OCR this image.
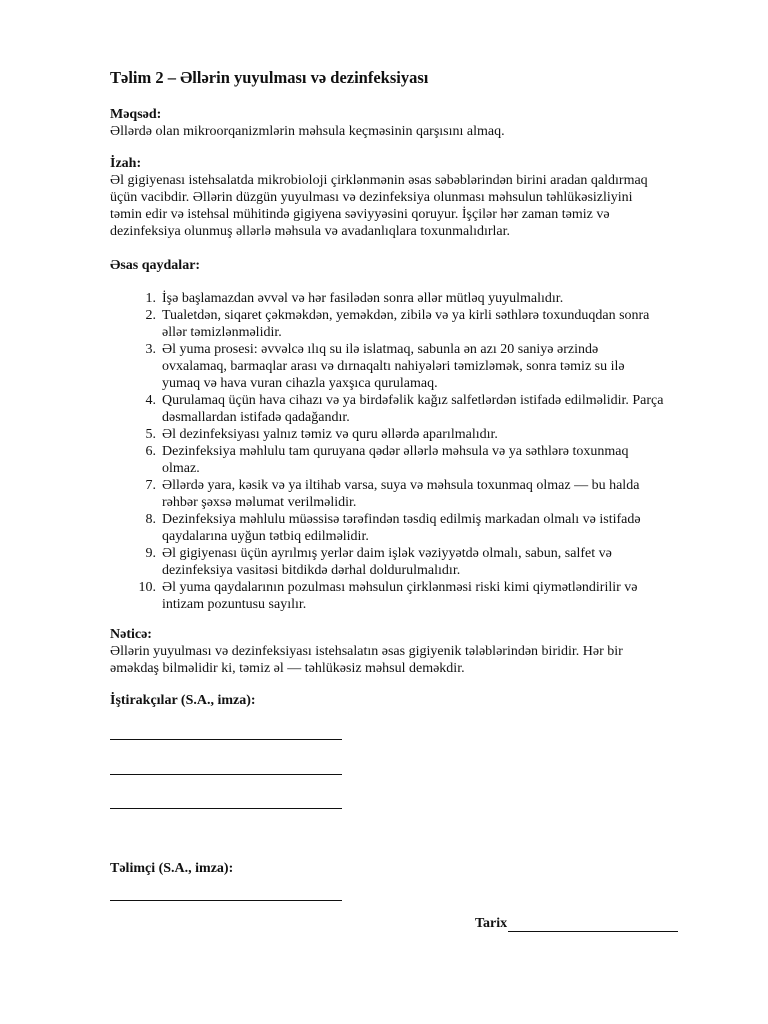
Təlim 2 – Əllərin yuyulması və dezinfeksiyası

Məqsəd:

Əllərdə olan mikroorqanizmlərin məhsula keçməsinin qarşısını almaq.

İzah:

Əl gigiyenası istehsalatda mikrobioloji çirklənmənin əsas səbəblərindən birini aradan qaldırmaq

üçün vacibdir. Əllərin düzgün yuyulması və dezinfeksiya olunması məhsulun təhlükəsizliyini

təmin edir və istehsal mühitində gigiyena səviyyəsini qoruyur. İşçilər hər zaman təmiz və

dezinfeksiya olunmuş əllərlə məhsula və avadanlıqlara toxunmalıdırlar.

Əsas qaydalar:

1. İşə başlamazdan əvvəl və hər fasilədən sonra əllər mütləq yuyulmalıdır.
2. Tualetdən, siqaret çəkməkdən, yeməkdən, zibilə və ya kirli səthlərə toxunduqdan sonra
əllər təmizlənməlidir.
3. Əl yuma prosesi: əvvəlcə ılıq su ilə islatmaq, sabunla ən azı 20 saniyə ərzində
ovxalamaq, barmaqlar arası və dırnaqaltı nahiyələri təmizləmək, sonra təmiz su ilə
yumaq və hava vuran cihazla yaxşıca qurulamaq.
4. Qurulamaq üçün hava cihazı və ya birdəfəlik kağız salfetlərdən istifadə edilməlidir. Parça
dəsmallardan istifadə qadağandır.
5. Əl dezinfeksiyası yalnız təmiz və quru əllərdə aparılmalıdır.
6. Dezinfeksiya məhlulu tam quruyana qədər əllərlə məhsula və ya səthlərə toxunmaq
olmaz.
7. Əllərdə yara, kəsik və ya iltihab varsa, suya və məhsula toxunmaq olmaz — bu halda
rəhbər şəxsə məlumat verilməlidir.
8. Dezinfeksiya məhlulu müəssisə tərəfindən təsdiq edilmiş markadan olmalı və istifadə
qaydalarına uyğun tətbiq edilməlidir.
9. Əl gigiyenası üçün ayrılmış yerlər daim işlək vəziyyətdə olmalı, sabun, salfet və
dezinfeksiya vasitəsi bitdikdə dərhal doldurulmalıdır.
10. Əl yuma qaydalarının pozulması məhsulun çirklənməsi riski kimi qiymətləndirilir və
intizam pozuntusu sayılır.

Nəticə:

Əllərin yuyulması və dezinfeksiyası istehsalatın əsas gigiyenik tələblərindən biridir. Hər bir

əməkdaş bilməlidir ki, təmiz əl — təhlükəsiz məhsul deməkdir.

İştirakçılar (S.A., imza):
Təlimçi (S.A., imza):
Tarix
